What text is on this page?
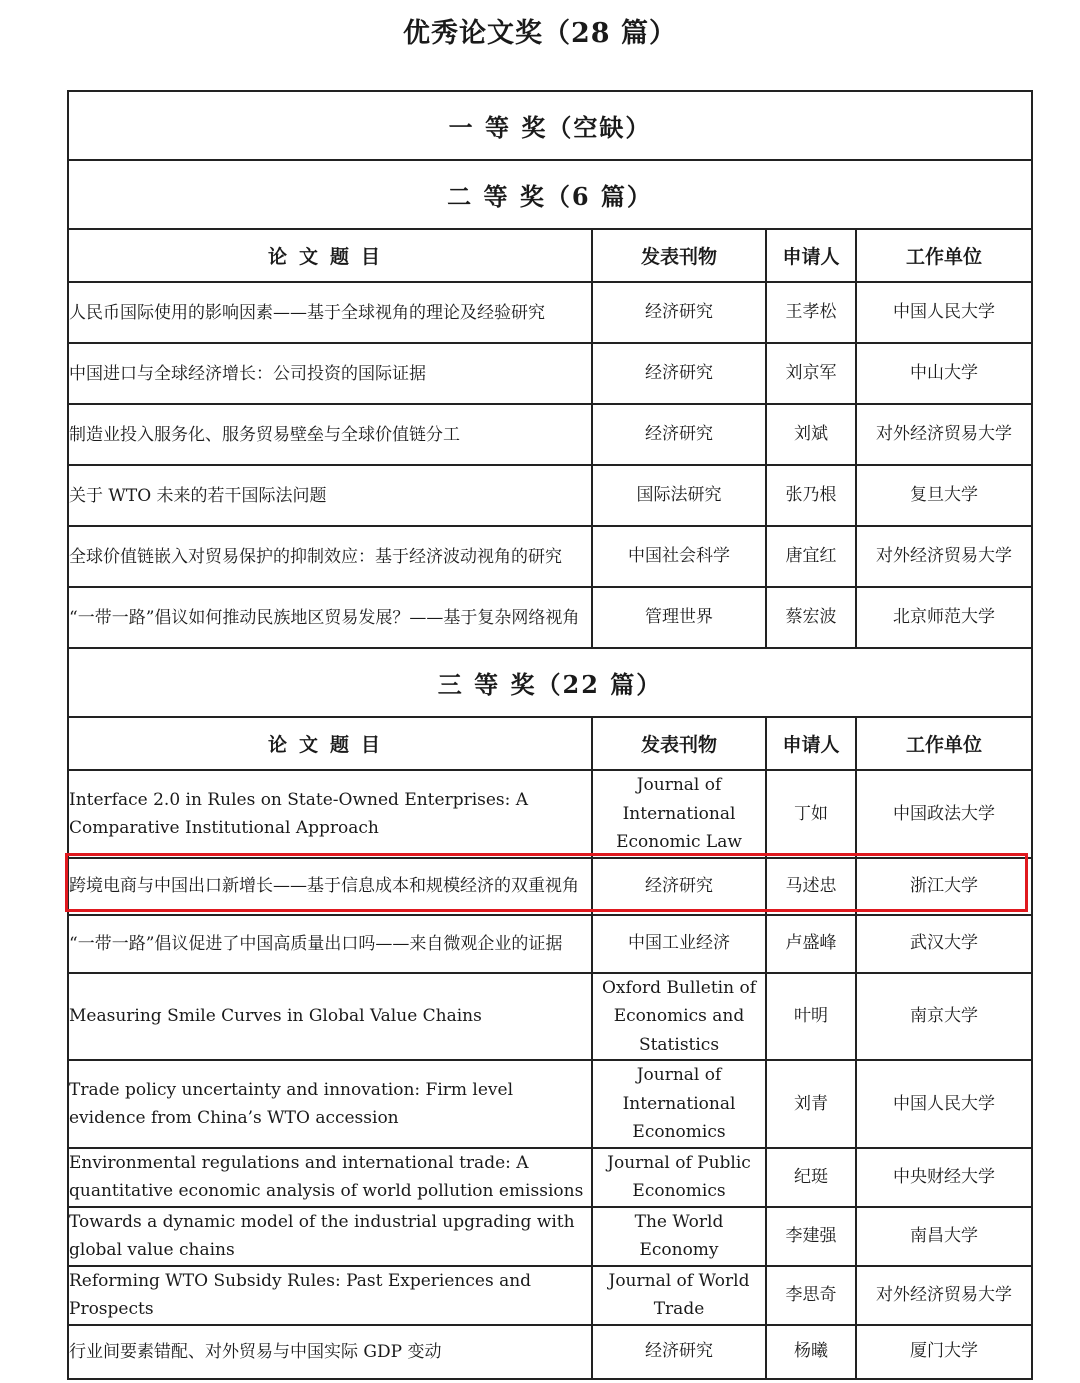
优秀论文奖（28 篇）
一 等 奖（空缺）			
二 等 奖（6 篇）			
论文题目	发表刊物	申请人	工作单位
人民币国际使用的影响因素——基于全球视角的理论及经验研究	经济研究	王孝松	中国人民大学
中国进口与全球经济增长：公司投资的国际证据	经济研究	刘京军	中山大学
制造业投入服务化、服务贸易壁垒与全球价值链分工	经济研究	刘斌	对外经济贸易大学
关于 WTO 未来的若干国际法问题	国际法研究	张乃根	复旦大学
全球价值链嵌入对贸易保护的抑制效应：基于经济波动视角的研究	中国社会科学	唐宜红	对外经济贸易大学
“一带一路”倡议如何推动民族地区贸易发展？——基于复杂网络视角	管理世界	蔡宏波	北京师范大学
三 等 奖（22 篇）			
论文题目	发表刊物	申请人	工作单位
Interface 2.0 in Rules on State-Owned Enterprises: A Comparative Institutional Approach	Journal of International Economic Law	丁如	中国政法大学
跨境电商与中国出口新增长——基于信息成本和规模经济的双重视角	经济研究	马述忠	浙江大学
“一带一路”倡议促进了中国高质量出口吗——来自微观企业的证据	中国工业经济	卢盛峰	武汉大学
Measuring Smile Curves in Global Value Chains	Oxford Bulletin of Economics and Statistics	叶明	南京大学
Trade policy uncertainty and innovation: Firm level evidence from China’s WTO accession	Journal of International Economics	刘青	中国人民大学
Environmental regulations and international trade: A quantitative economic analysis of world pollution emissions	Journal of Public Economics	纪珽	中央财经大学
Towards a dynamic model of the industrial upgrading with global value chains	The World Economy	李建强	南昌大学
Reforming WTO Subsidy Rules: Past Experiences and Prospects	Journal of World Trade	李思奇	对外经济贸易大学
行业间要素错配、对外贸易与中国实际 GDP 变动	经济研究	杨曦	厦门大学
